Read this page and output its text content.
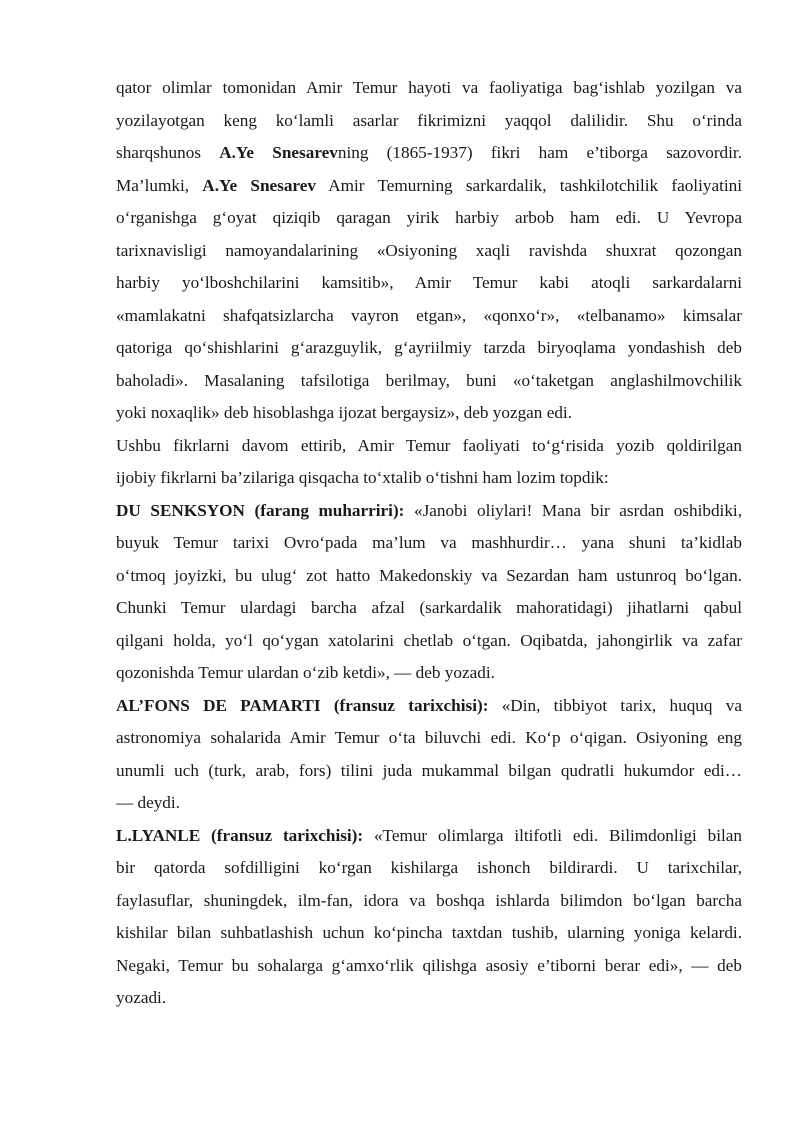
qator olimlar tomonidan Amir Temur hayoti va faoliyatiga bag‘ishlab yozilgan va
yozilayotgan keng ko‘lamli asarlar fikrimizni yaqqol dalilidir. Shu o‘rinda
sharqshunos A.Ye Snesarevning (1865-1937) fikri ham e’tiborga sazovordir.
Ma’lumki, A.Ye Snesarev Amir Temurning sarkardalik, tashkilotchilik faoliyatini
o‘rganishga g‘oyat qiziqib qaragan yirik harbiy arbob ham edi. U Yevropa
tarixnavisligi namoyandalarining «Osiyoning xaqli ravishda shuxrat qozongan
harbiy yo‘lboshchilarini kamsitib», Amir Temur kabi atoqli sarkardalarni
«mamlakatni shafqatsizlarcha vayron etgan», «qonxo‘r», «telbanamo» kimsalar
qatoriga qo‘shishlarini g‘arazguylik, g‘ayriilmiy tarzda biryoqlama yondashish deb
baholadi». Masalaning tafsilotiga berilmay, buni «o‘taketgan anglashilmovchilik
yoki noxaqlik» deb hisoblashga ijozat bergaysiz», deb yozgan edi.

Ushbu fikrlarni davom ettirib, Amir Temur faoliyati to‘g‘risida yozib qoldirilgan
ijobiy fikrlarni ba’zilariga qisqacha to‘xtalib o‘tishni ham lozim topdik:

DU SENKSYON (farang muharriri): «Janobi oliylari! Mana bir asrdan oshibdiki,
buyuk Temur tarixi Ovro‘pada ma’lum va mashhurdir… yana shuni ta’kidlab
o‘tmoq joyizki, bu ulug‘ zot hatto Makedonskiy va Sezardan ham ustunroq bo‘lgan.
Chunki Temur ulardagi barcha afzal (sarkardalik mahoratidagi) jihatlarni qabul
qilgani holda, yo‘l qo‘ygan xatolarini chetlab o‘tgan. Oqibatda, jahongirlik va zafar
qozonishda Temur ulardan o‘zib ketdi», — deb yozadi.

AL’FONS DE PAMARTI (fransuz tarixchisi): «Din, tibbiyot tarix, huquq va
astronomiya sohalarida Amir Temur o‘ta biluvchi edi. Ko‘p o‘qigan. Osiyoning eng
unumli uch (turk, arab, fors) tilini juda mukammal bilgan qudratli hukumdor edi…
— deydi.

L.LYANLE (fransuz tarixchisi): «Temur olimlarga iltifotli edi. Bilimdonligi bilan
bir qatorda sofdilligini ko‘rgan kishilarga ishonch bildirardi. U tarixchilar,
faylasuflar, shuningdek, ilm-fan, idora va boshqa ishlarda bilimdon bo‘lgan barcha
kishilar bilan suhbatlashish uchun ko‘pincha taxtdan tushib, ularning yoniga kelardi.
Negaki, Temur bu sohalarga g‘amxo‘rlik qilishga asosiy e’tiborni berar edi», — deb
yozadi.
